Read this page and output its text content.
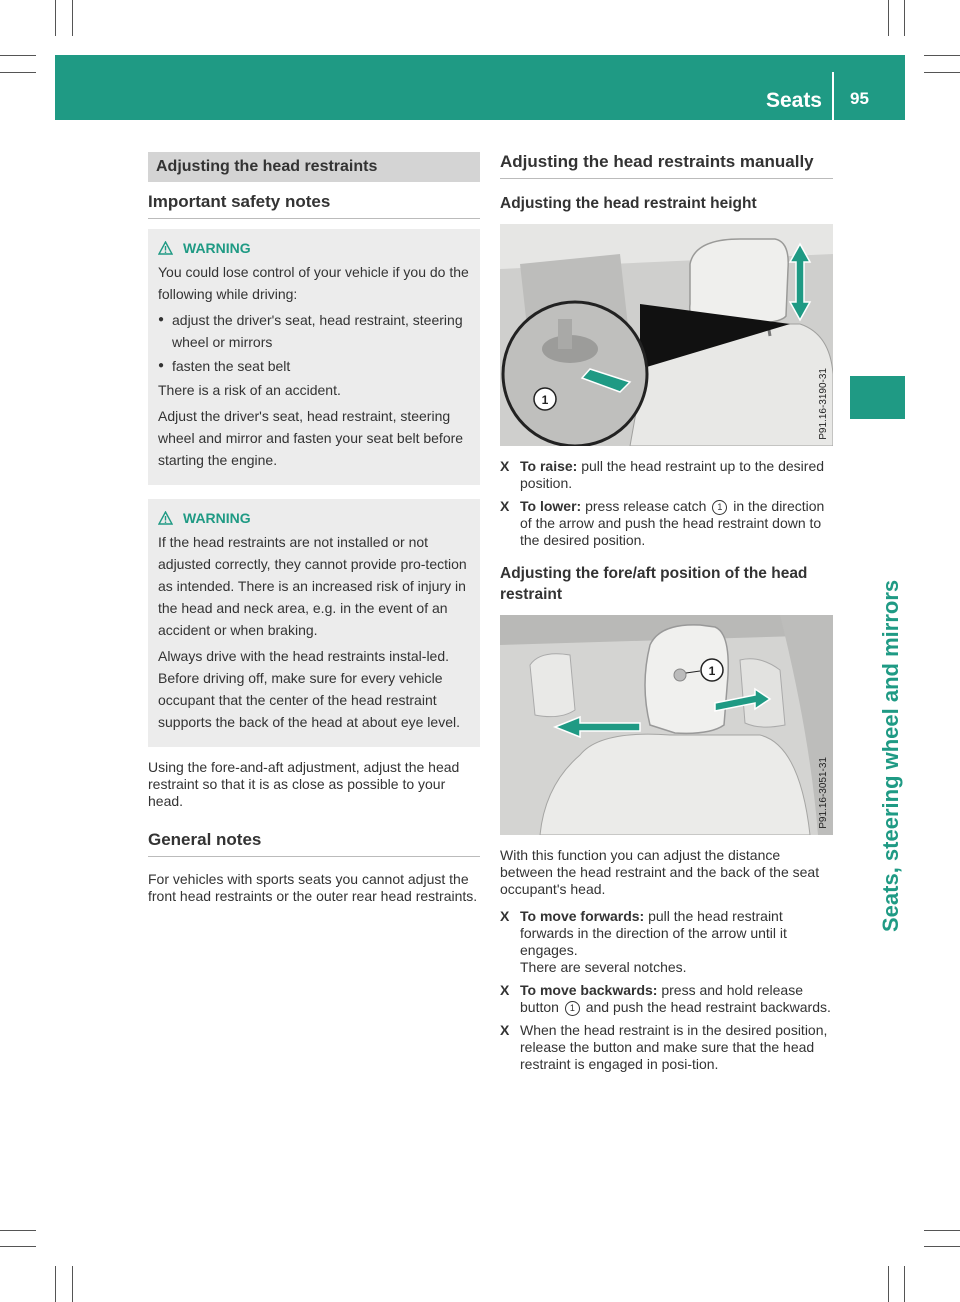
Seats 95
Seats, steering wheel and mirrors
Adjusting the head restraints
Important safety notes
WARNING

You could lose control of your vehicle if you do the following while driving:

● adjust the driver's seat, head restraint, steering wheel or mirrors
● fasten the seat belt

There is a risk of an accident.

Adjust the driver's seat, head restraint, steering wheel and mirror and fasten your seat belt before starting the engine.

WARNING

If the head restraints are not installed or not adjusted correctly, they cannot provide pro-tection as intended. There is an increased risk of injury in the head and neck area, e.g. in the event of an accident or when braking.

Always drive with the head restraints instal-led. Before driving off, make sure for every vehicle occupant that the center of the head restraint supports the back of the head at about eye level.

Using the fore-and-aft adjustment, adjust the head restraint so that it is as close as possible to your head.

General notes

For vehicles with sports seats you cannot adjust the front head restraints or the outer rear head restraints.

Adjusting the head restraints manually
Adjusting the head restraint height
1	P91.16-3190-31
X To raise: pull the head restraint up to the desired position.
X To lower: press release catch 1 in the direction of the arrow and push the head restraint down to the desired position.
Adjusting the fore/aft position of the head restraint
1
P91.16-3051-31

With this function you can adjust the distance between the head restraint and the back of the seat occupant's head.

X To move forwards: pull the head restraint forwards in the direction of the arrow until it engages.
There are several notches.
X To move backwards: press and hold release button 1 and push the head restraint backwards.
X When the head restraint is in the desired position, release the button and make sure that the head restraint is engaged in posi-tion.
